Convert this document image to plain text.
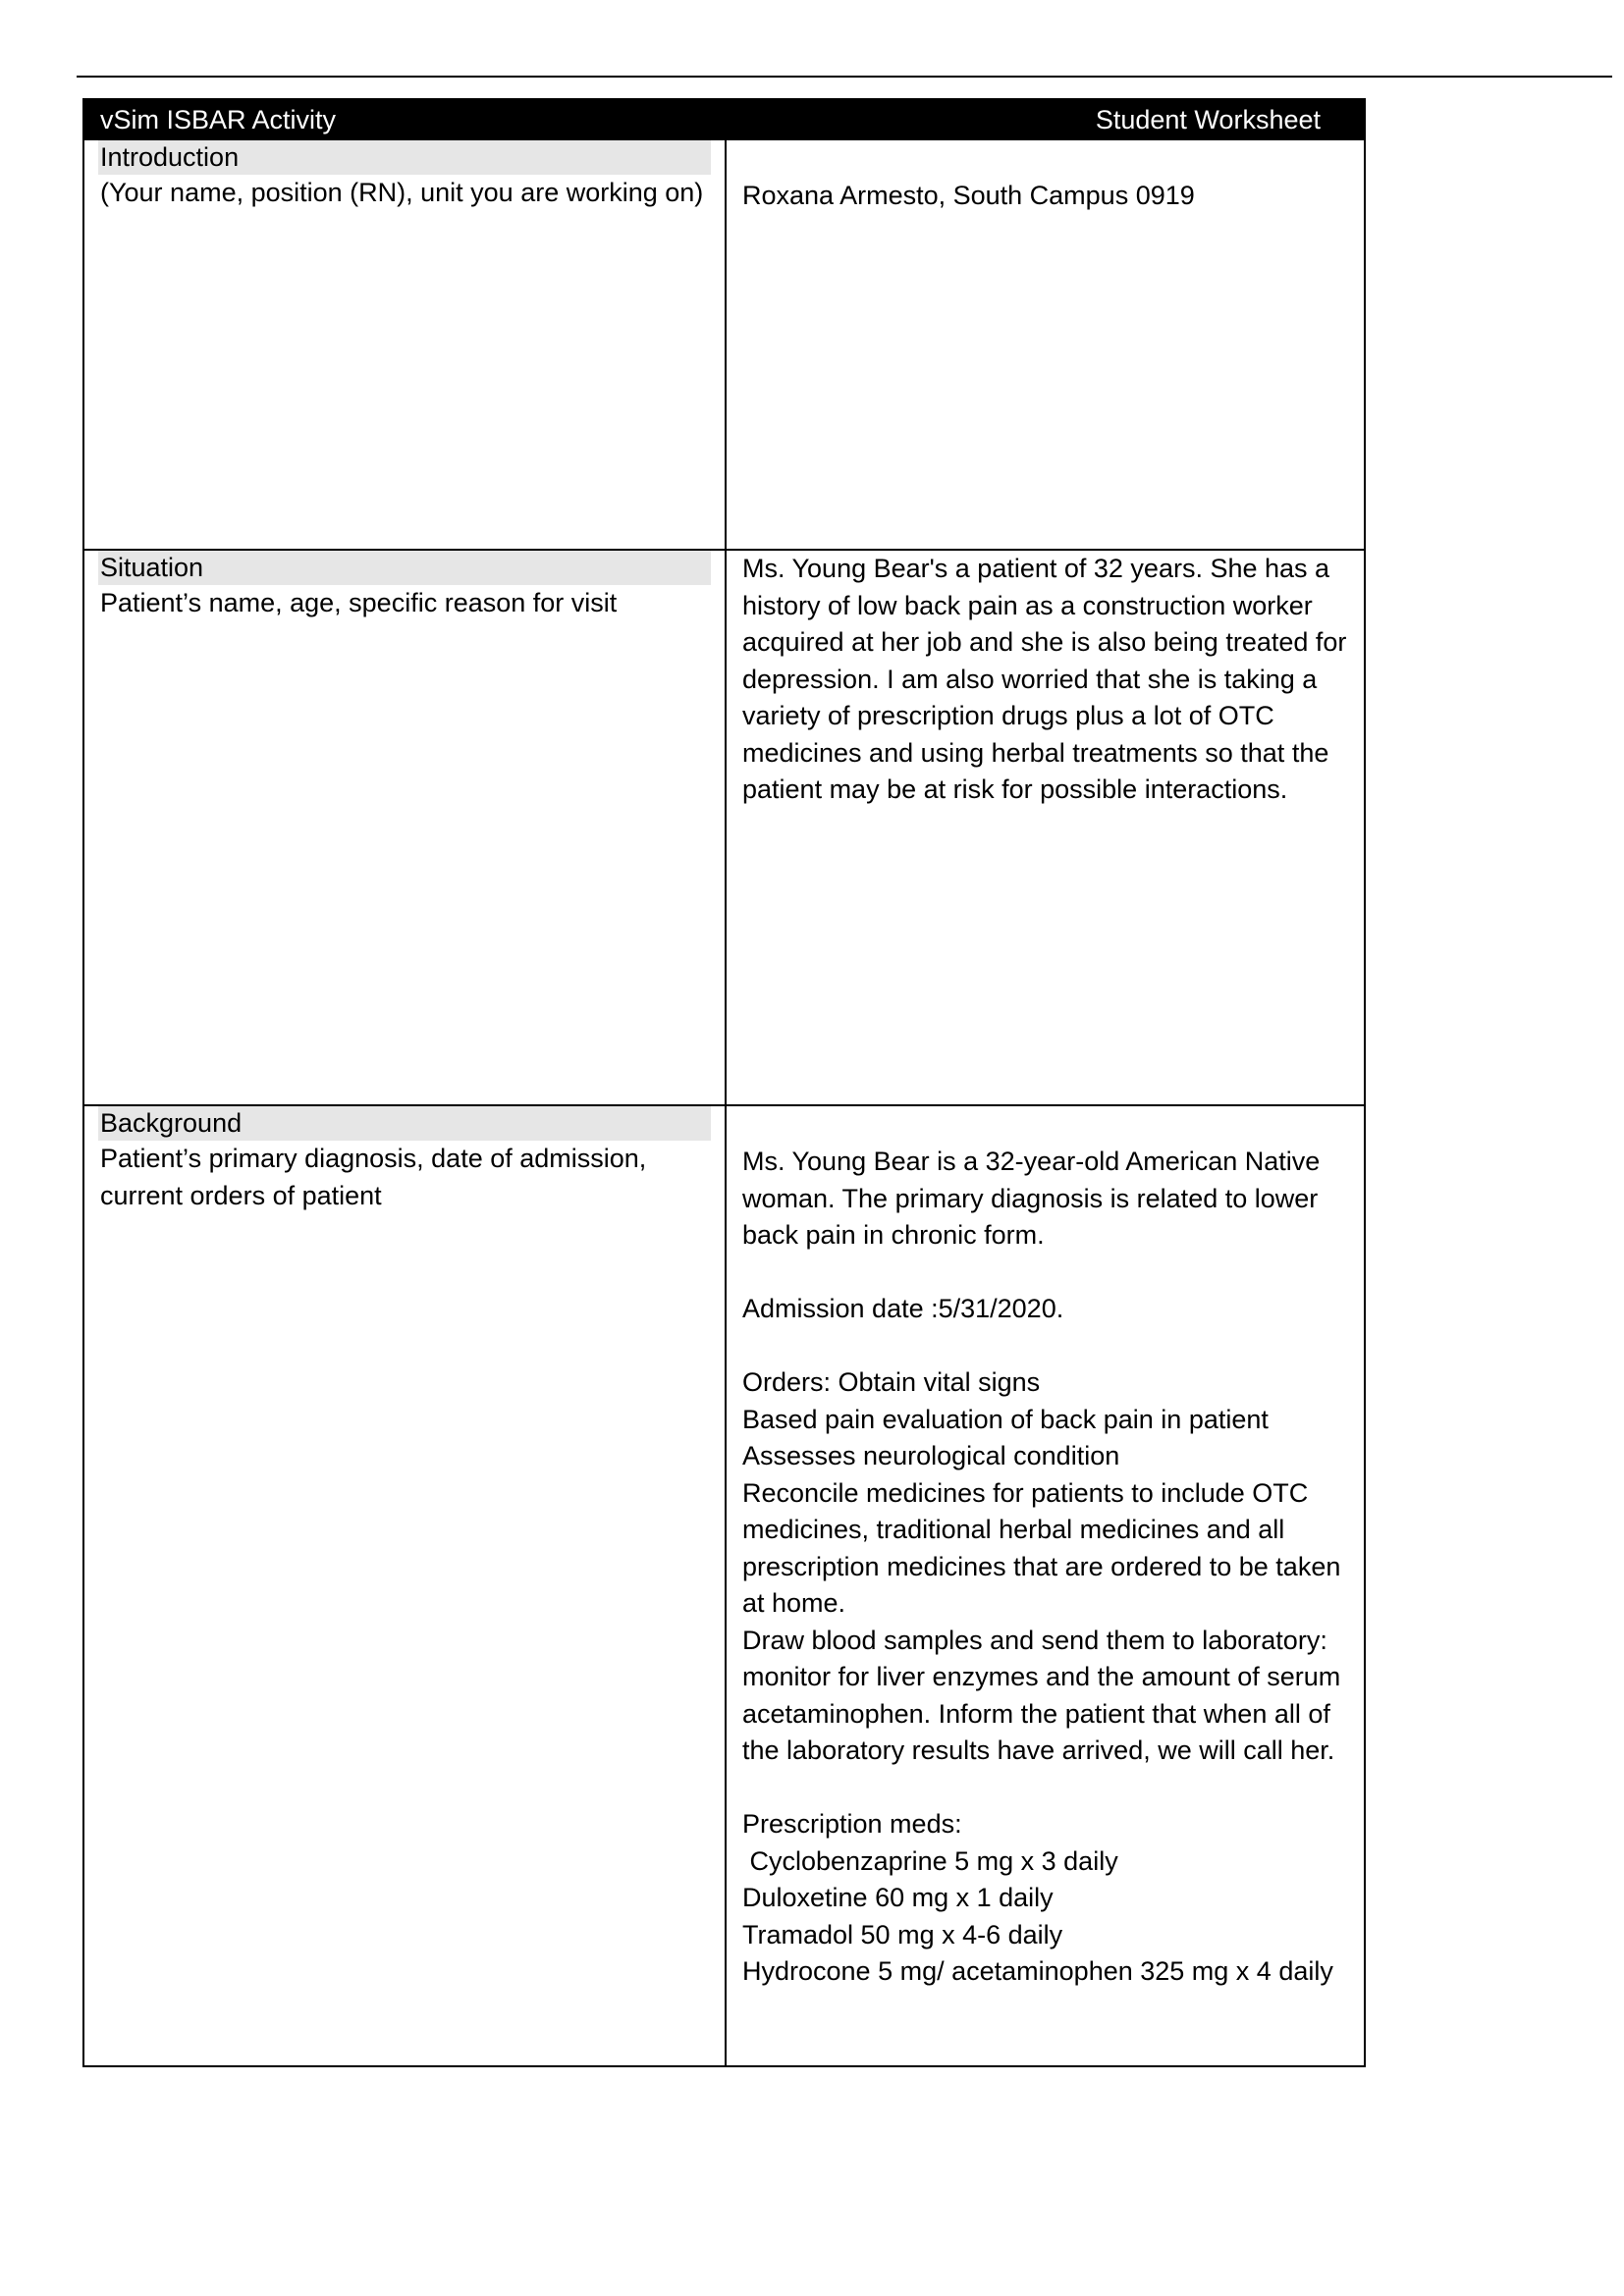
vSim ISBAR Activity	Student Worksheet
Introduction
(Your name, position (RN), unit you are working on) Roxana Armesto, South Campus 0919

Situation
Patient’s name, age, specific reason for visit

Ms. Young Bear's a patient of 32 years. She has a history of low back pain as a construction worker acquired at her job and she is also being treated for depression. I am also worried that she is taking a variety of prescription drugs plus a lot of OTC medicines and using herbal treatments so that the patient may be at risk for possible interactions.

Background
Patient’s primary diagnosis, date of admission, current orders of patient

Ms. Young Bear is a 32-year-old American Native woman. The primary diagnosis is related to lower back pain in chronic form.

Admission date :5/31/2020.

Orders: Obtain vital signs

Based pain evaluation of back pain in patient

Assesses neurological condition

Reconcile medicines for patients to include OTC medicines, traditional herbal medicines and all prescription medicines that are ordered to be taken at home.

Draw blood samples and send them to laboratory: monitor for liver enzymes and the amount of serum acetaminophen. Inform the patient that when all of the laboratory results have arrived, we will call her.

Prescription meds:

Cyclobenzaprine 5 mg x 3 daily

Duloxetine 60 mg x 1 daily

Tramadol 50 mg x 4-6 daily

Hydrocone 5 mg/ acetaminophen 325 mg x 4 daily
